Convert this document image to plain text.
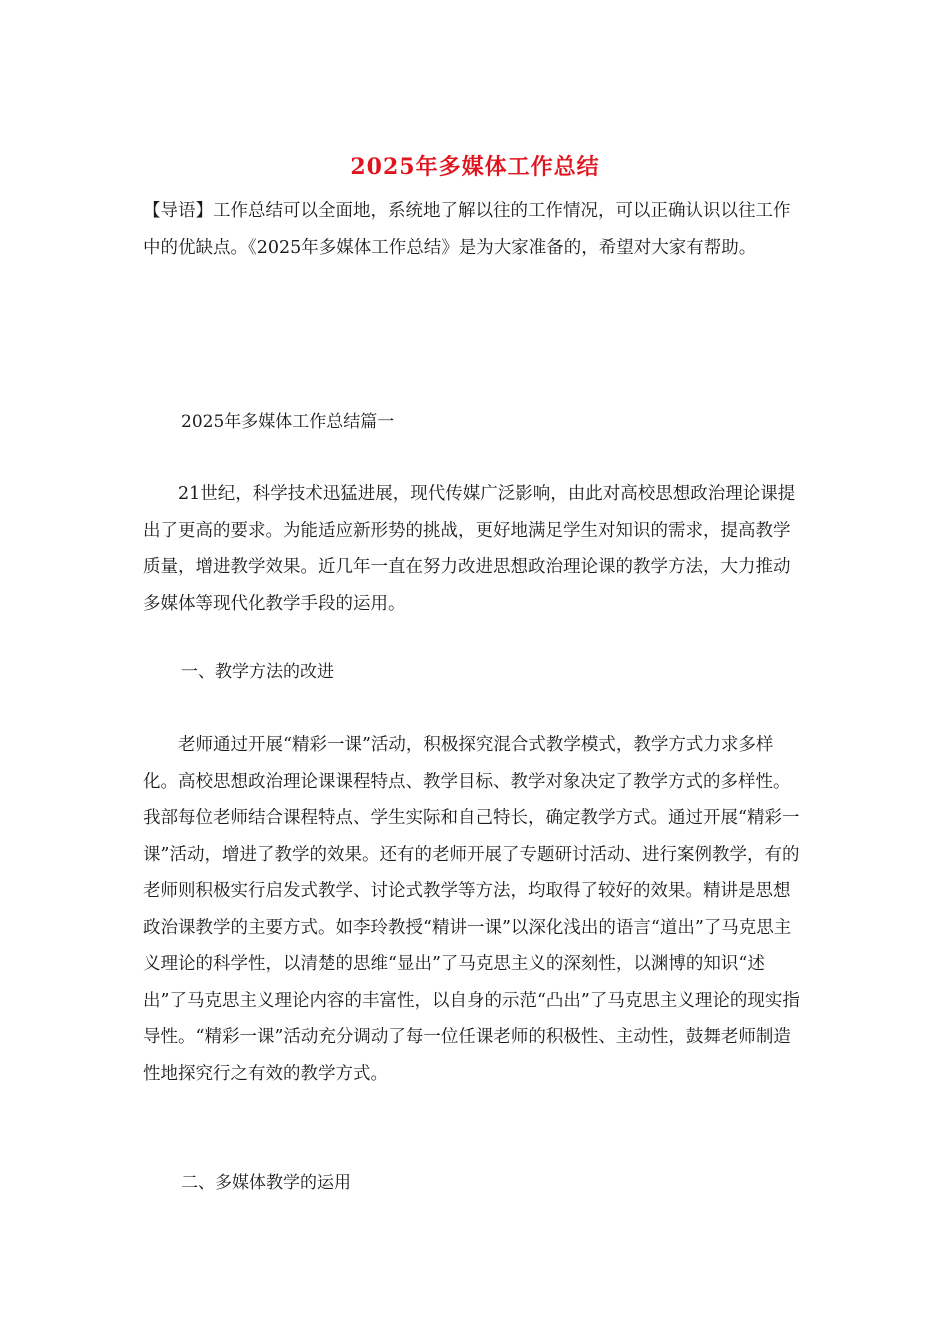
2025年多媒体工作总结

【导语】工作总结可以全面地，系统地了解以往的工作情况，可以正确认识以往工作中的优缺点。《2025年多媒体工作总结》是为大家准备的，希望对大家有帮助。

2025年多媒体工作总结篇一

21世纪，科学技术迅猛进展，现代传媒广泛影响，由此对高校思想政治理论课提出了更高的要求。为能适应新形势的挑战，更好地满足学生对知识的需求，提高教学质量，增进教学效果。近几年一直在努力改进思想政治理论课的教学方法，大力推动多媒体等现代化教学手段的运用。

一、教学方法的改进

老师通过开展“精彩一课”活动，积极探究混合式教学模式，教学方式力求多样化。高校思想政治理论课课程特点、教学目标、教学对象决定了教学方式的多样性。我部每位老师结合课程特点、学生实际和自己特长，确定教学方式。通过开展“精彩一课”活动，增进了教学的效果。还有的老师开展了专题研讨活动、进行案例教学，有的老师则积极实行启发式教学、讨论式教学等方法，均取得了较好的效果。精讲是思想政治课教学的主要方式。如李玲教授“精讲一课”以深化浅出的语言“道出”了马克思主义理论的科学性，以清楚的思维“显出”了马克思主义的深刻性，以渊博的知识“述出”了马克思主义理论内容的丰富性，以自身的示范“凸出”了马克思主义理论的现实指导性。“精彩一课”活动充分调动了每一位任课老师的积极性、主动性，鼓舞老师制造性地探究行之有效的教学方式。

二、多媒体教学的运用
